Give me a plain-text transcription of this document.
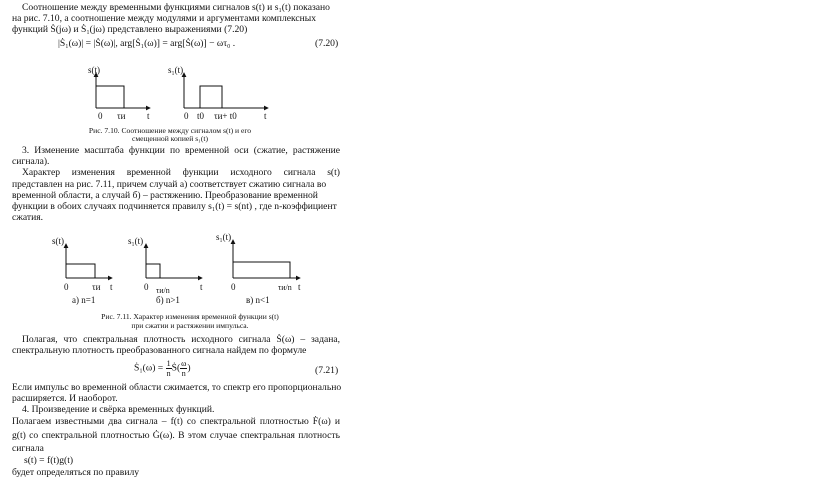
Соотношение между временными функциями сигналов s(t) и s₁(t) показано
на рис. 7.10, а соотношение между модулями и аргументами комплексных
функций Ṡ(jω) и Ṡ₁(jω) представлено выражениями (7.20)
|Ṡ₁(ω)| = |Ṡ(ω)|, arg[Ṡ₁(ω)] = arg[Ṡ(ω)] − ωτ₀ .	(7.20)
s(t)
0 τи t
s₁(t)
0 t0 τи+ t0	t
Рис. 7.10. Соотношение между сигналом s(t) и его
смещенной копией s₁(t)
3. Изменение масштаба функции по временной оси (сжатие, растяжение
сигнала).
Характер изменения временной функции исходного сигнала s(t)
представлен на рис. 7.11, причем случай а) соответствует сжатию сигнала во
временной области, а случай б) – растяжению. Преобразование временной
функции в обоих случаях подчиняется правилу s₁(t) = s(nt) , где n-коэффициент
сжатия.
s(t)
0	τи t
а) n=1
s₁(t)
0 τи/n	t
б) n>1
s₁(t)
0	τи/n t
в) n<1
Рис. 7.11. Характер изменения временной функции s(t)
при сжатии и растяжении импульса.
Полагая, что спектральная плотность исходного сигнала Ṡ(ω) – задана,
спектральную плотность преобразованного сигнала найдем по формуле
Ṡ₁(ω) = $\frac{1}{n}$ Ṡ( $\frac{\omega}{n}$ )	(7.21)
Если импульс во временной области сжимается, то спектр его пропорционально
расширяется. И наоборот.
4. Произведение и свёрка временных функций.
Полагаем известными два сигнала – f(t) со спектральной плотностью Ḟ(ω) и
g(t) со спектральной плотностью Ġ(ω). В этом случае спектральная плотность
сигнала
s(t) = f(t)g(t)
будет определяться по правилу
